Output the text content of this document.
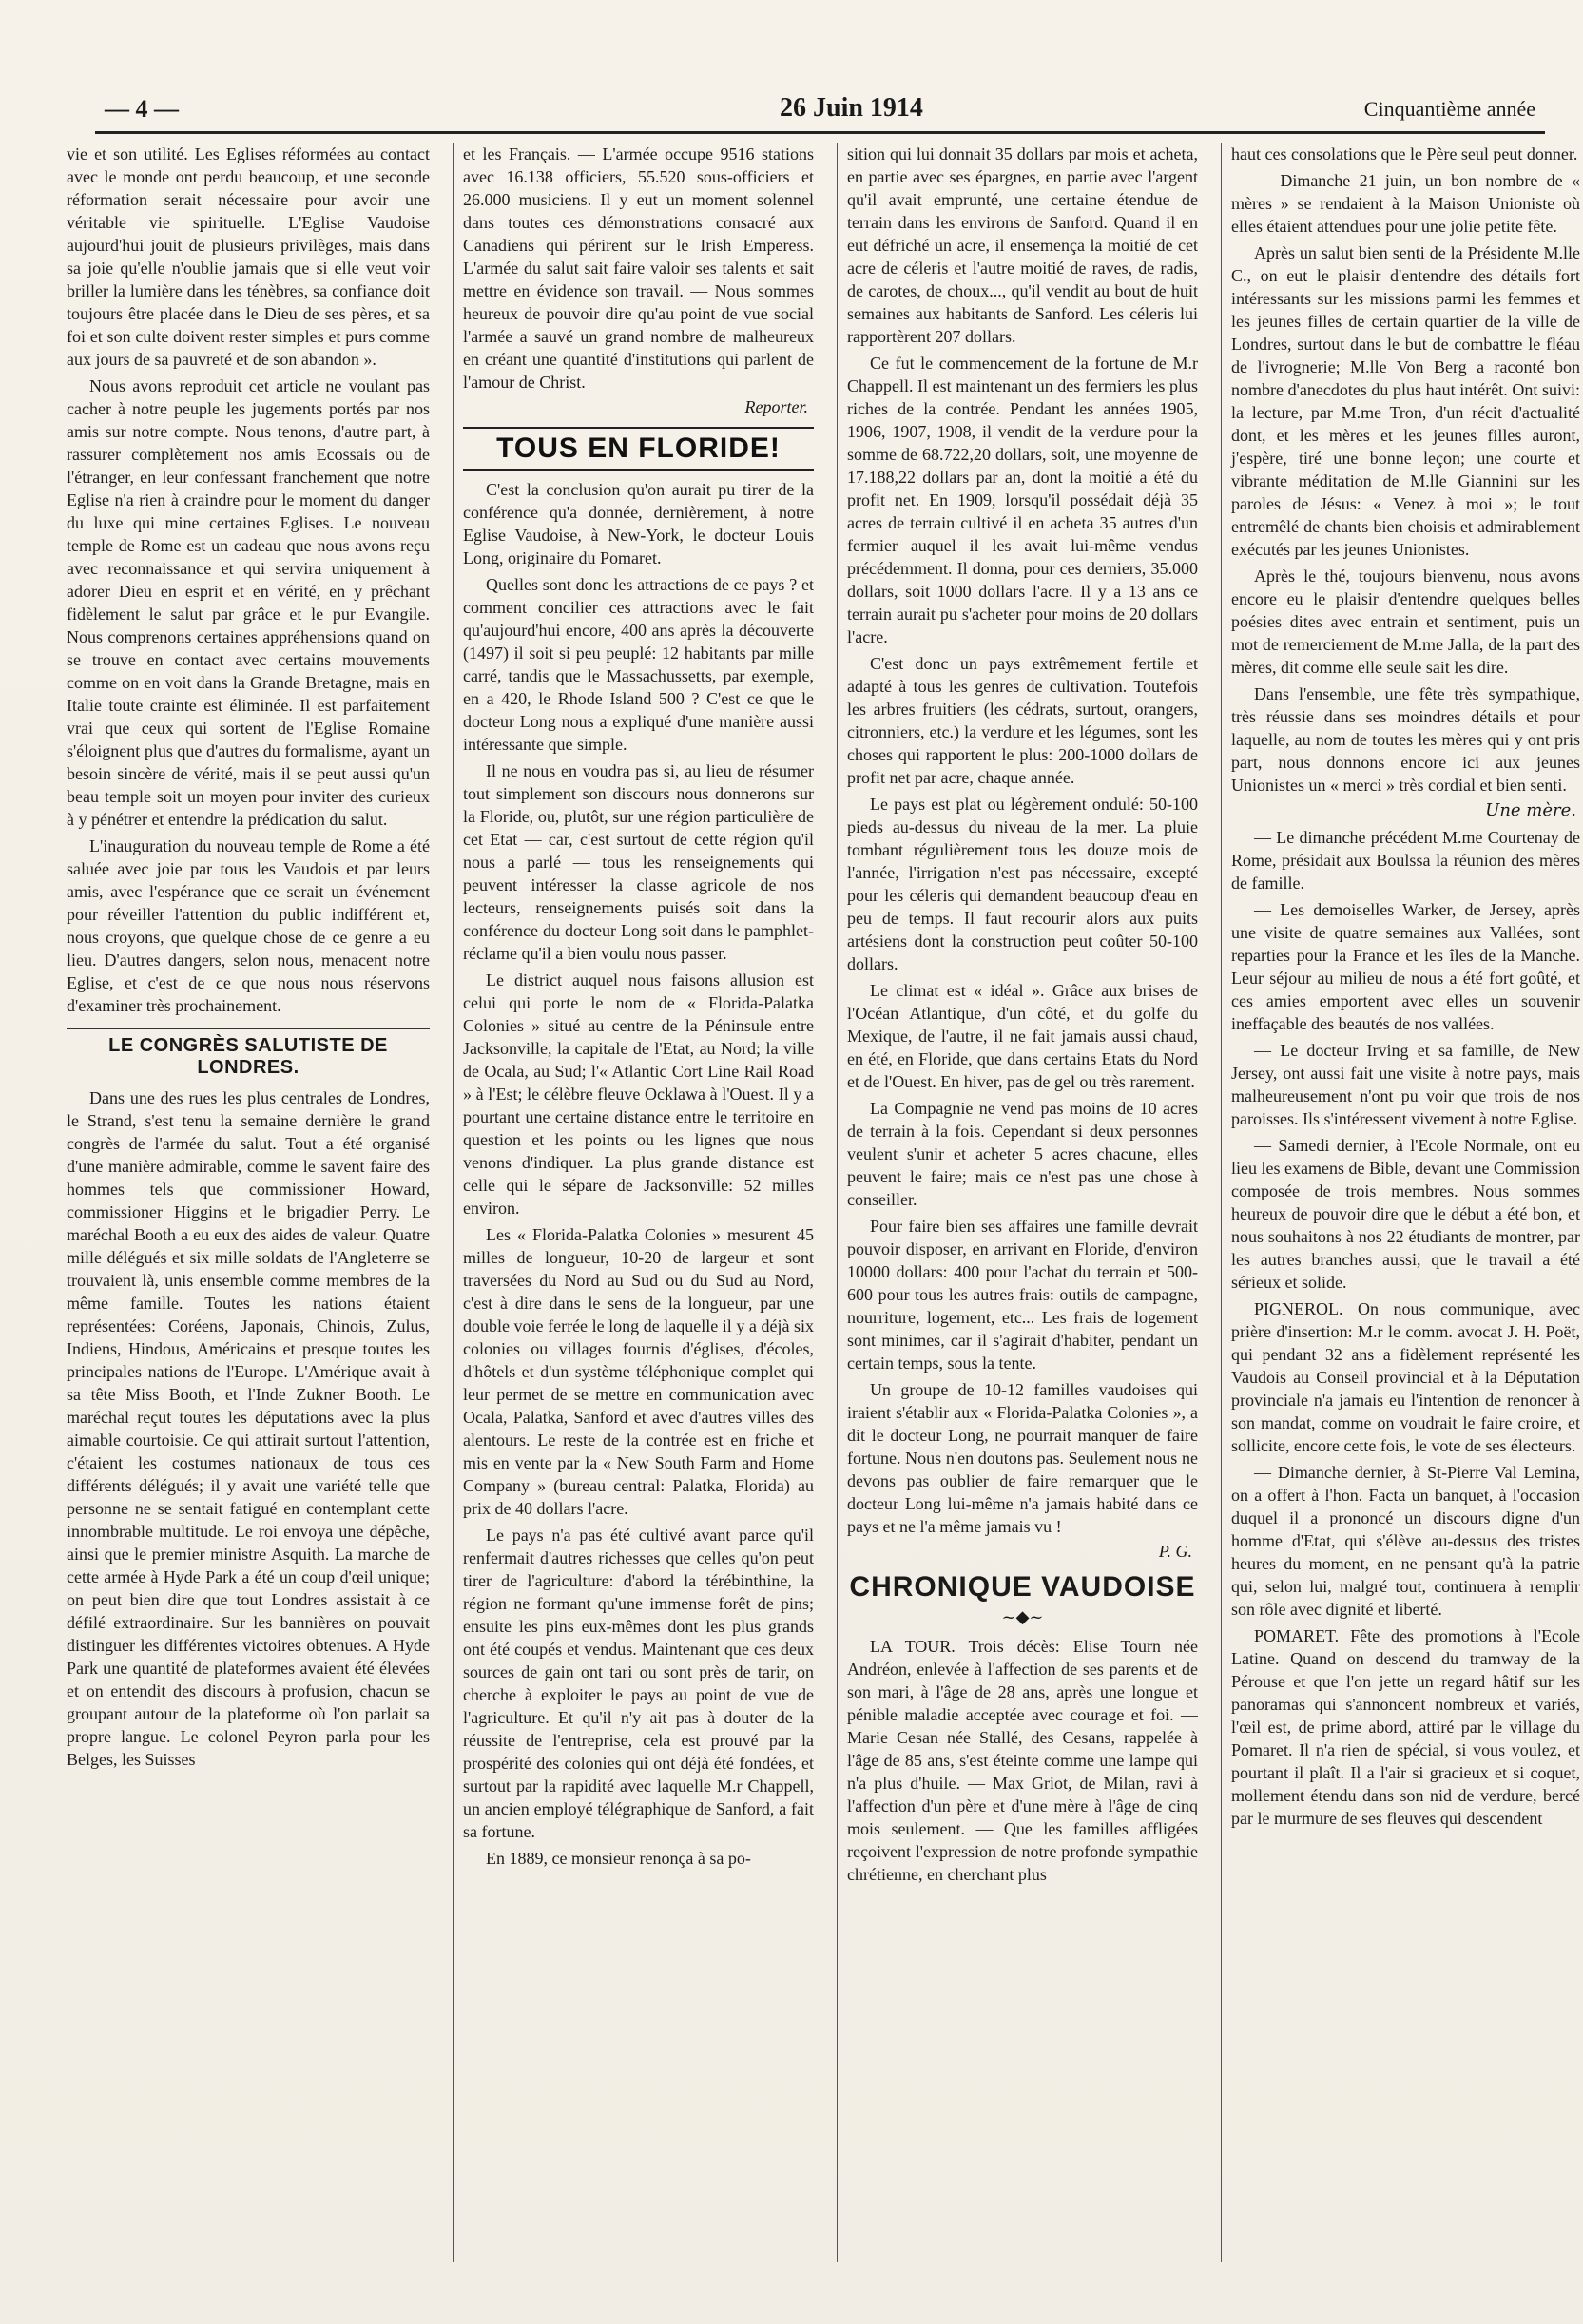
— 4 —	26 Juin 1914	Cinquantième année

vie et son utilité. Les Eglises réformées au contact avec le monde ont perdu beaucoup, et une seconde réformation serait nécessaire pour avoir une véritable vie spirituelle. L'Eglise Vaudoise aujourd'hui jouit de plusieurs privilèges, mais dans sa joie qu'elle n'oublie jamais que si elle veut voir briller la lumière dans les ténèbres, sa confiance doit toujours être placée dans le Dieu de ses pères, et sa foi et son culte doivent rester simples et purs comme aux jours de sa pauvreté et de son abandon ».

Nous avons reproduit cet article ne voulant pas cacher à notre peuple les jugements portés par nos amis sur notre compte. Nous tenons, d'autre part, à rassurer complètement nos amis Ecossais ou de l'étranger, en leur confessant franchement que notre Eglise n'a rien à craindre pour le moment du danger du luxe qui mine certaines Eglises. Le nouveau temple de Rome est un cadeau que nous avons reçu avec reconnaissance et qui servira uniquement à adorer Dieu en esprit et en vérité, en y prêchant fidèlement le salut par grâce et le pur Evangile. Nous comprenons certaines appréhensions quand on se trouve en contact avec certains mouvements comme on en voit dans la Grande Bretagne, mais en Italie toute crainte est éliminée. Il est parfaitement vrai que ceux qui sortent de l'Eglise Romaine s'éloignent plus que d'autres du formalisme, ayant un besoin sincère de vérité, mais il se peut aussi qu'un beau temple soit un moyen pour inviter des curieux à y pénétrer et entendre la prédication du salut.

L'inauguration du nouveau temple de Rome a été saluée avec joie par tous les Vaudois et par leurs amis, avec l'espérance que ce serait un événement pour réveiller l'attention du public indifférent et, nous croyons, que quelque chose de ce genre a eu lieu. D'autres dangers, selon nous, menacent notre Eglise, et c'est de ce que nous nous réservons d'examiner très prochainement.

LE CONGRÈS SALUTISTE DE LONDRES.

Dans une des rues les plus centrales de Londres, le Strand, s'est tenu la semaine dernière le grand congrès de l'armée du salut. Tout a été organisé d'une manière admirable, comme le savent faire des hommes tels que commissioner Howard, commissioner Higgins et le brigadier Perry. Le maréchal Booth a eu eux des aides de valeur. Quatre mille délégués et six mille soldats de l'Angleterre se trouvaient là, unis ensemble comme membres de la même famille. Toutes les nations étaient représentées: Coréens, Japonais, Chinois, Zulus, Indiens, Hindous, Américains et presque toutes les principales nations de l'Europe. L'Amérique avait à sa tête Miss Booth, et l'Inde Zukner Booth. Le maréchal reçut toutes les députations avec la plus aimable courtoisie. Ce qui attirait surtout l'attention, c'étaient les costumes nationaux de tous ces différents délégués; il y avait une variété telle que personne ne se sentait fatigué en contemplant cette innombrable multitude. Le roi envoya une dépêche, ainsi que le premier ministre Asquith. La marche de cette armée à Hyde Park a été un coup d'œil unique; on peut bien dire que tout Londres assistait à ce défilé extraordinaire. Sur les bannières on pouvait distinguer les différentes victoires obtenues. A Hyde Park une quantité de plateformes avaient été élevées et on entendit des discours à profusion, chacun se groupant autour de la plateforme où l'on parlait sa propre langue. Le colonel Peyron parla pour les Belges, les Suisses

et les Français. — L'armée occupe 9516 stations avec 16.138 officiers, 55.520 sous-officiers et 26.000 musiciens. Il y eut un moment solennel dans toutes ces démonstrations consacré aux Canadiens qui périrent sur le Irish Emperess. L'armée du salut sait faire valoir ses talents et sait mettre en évidence son travail. — Nous sommes heureux de pouvoir dire qu'au point de vue social l'armée a sauvé un grand nombre de malheureux en créant une quantité d'institutions qui parlent de l'amour de Christ.

Reporter.
TOUS EN FLORIDE!

C'est la conclusion qu'on aurait pu tirer de la conférence qu'a donnée, dernièrement, à notre Eglise Vaudoise, à New-York, le docteur Louis Long, originaire du Pomaret.

Quelles sont donc les attractions de ce pays ? et comment concilier ces attractions avec le fait qu'aujourd'hui encore, 400 ans après la découverte (1497) il soit si peu peuplé: 12 habitants par mille carré, tandis que le Massachussetts, par exemple, en a 420, le Rhode Island 500 ? C'est ce que le docteur Long nous a expliqué d'une manière aussi intéressante que simple.

Il ne nous en voudra pas si, au lieu de résumer tout simplement son discours nous donnerons sur la Floride, ou, plutôt, sur une région particulière de cet Etat — car, c'est surtout de cette région qu'il nous a parlé — tous les renseignements qui peuvent intéresser la classe agricole de nos lecteurs, renseignements puisés soit dans la conférence du docteur Long soit dans le pamphlet-réclame qu'il a bien voulu nous passer.

Le district auquel nous faisons allusion est celui qui porte le nom de « Florida-Palatka Colonies » situé au centre de la Péninsule entre Jacksonville, la capitale de l'Etat, au Nord; la ville de Ocala, au Sud; l'« Atlantic Cort Line Rail Road » à l'Est; le célèbre fleuve Ocklawa à l'Ouest. Il y a pourtant une certaine distance entre le territoire en question et les points ou les lignes que nous venons d'indiquer. La plus grande distance est celle qui le sépare de Jacksonville: 52 milles environ.

Les « Florida-Palatka Colonies » mesurent 45 milles de longueur, 10-20 de largeur et sont traversées du Nord au Sud ou du Sud au Nord, c'est à dire dans le sens de la longueur, par une double voie ferrée le long de laquelle il y a déjà six colonies ou villages fournis d'églises, d'écoles, d'hôtels et d'un système téléphonique complet qui leur permet de se mettre en communication avec Ocala, Palatka, Sanford et avec d'autres villes des alentours. Le reste de la contrée est en friche et mis en vente par la « New South Farm and Home Company » (bureau central: Palatka, Florida) au prix de 40 dollars l'acre.

Le pays n'a pas été cultivé avant parce qu'il renfermait d'autres richesses que celles qu'on peut tirer de l'agriculture: d'abord la térébinthine, la région ne formant qu'une immense forêt de pins; ensuite les pins eux-mêmes dont les plus grands ont été coupés et vendus. Maintenant que ces deux sources de gain ont tari ou sont près de tarir, on cherche à exploiter le pays au point de vue de l'agriculture. Et qu'il n'y ait pas à douter de la réussite de l'entreprise, cela est prouvé par la prospérité des colonies qui ont déjà été fondées, et surtout par la rapidité avec laquelle M.r Chappell, un ancien employé télégraphique de Sanford, a fait sa fortune.

En 1889, ce monsieur renonça à sa po-

sition qui lui donnait 35 dollars par mois et acheta, en partie avec ses épargnes, en partie avec l'argent qu'il avait emprunté, une certaine étendue de terrain dans les environs de Sanford. Quand il en eut défriché un acre, il ensemença la moitié de cet acre de céleris et l'autre moitié de raves, de radis, de carotes, de choux..., qu'il vendit au bout de huit semaines aux habitants de Sanford. Les céleris lui rapportèrent 207 dollars.

Ce fut le commencement de la fortune de M.r Chappell. Il est maintenant un des fermiers les plus riches de la contrée. Pendant les années 1905, 1906, 1907, 1908, il vendit de la verdure pour la somme de 68.722,20 dollars, soit, une moyenne de 17.188,22 dollars par an, dont la moitié a été du profit net. En 1909, lorsqu'il possédait déjà 35 acres de terrain cultivé il en acheta 35 autres d'un fermier auquel il les avait lui-même vendus précédemment. Il donna, pour ces derniers, 35.000 dollars, soit 1000 dollars l'acre. Il y a 13 ans ce terrain aurait pu s'acheter pour moins de 20 dollars l'acre.

C'est donc un pays extrêmement fertile et adapté à tous les genres de cultivation. Toutefois les arbres fruitiers (les cédrats, surtout, orangers, citronniers, etc.) la verdure et les légumes, sont les choses qui rapportent le plus: 200-1000 dollars de profit net par acre, chaque année.

Le pays est plat ou légèrement ondulé: 50-100 pieds au-dessus du niveau de la mer. La pluie tombant régulièrement tous les douze mois de l'année, l'irrigation n'est pas nécessaire, excepté pour les céleris qui demandent beaucoup d'eau en peu de temps. Il faut recourir alors aux puits artésiens dont la construction peut coûter 50-100 dollars.

Le climat est « idéal ». Grâce aux brises de l'Océan Atlantique, d'un côté, et du golfe du Mexique, de l'autre, il ne fait jamais aussi chaud, en été, en Floride, que dans certains Etats du Nord et de l'Ouest. En hiver, pas de gel ou très rarement.

La Compagnie ne vend pas moins de 10 acres de terrain à la fois. Cependant si deux personnes veulent s'unir et acheter 5 acres chacune, elles peuvent le faire; mais ce n'est pas une chose à conseiller.

Pour faire bien ses affaires une famille devrait pouvoir disposer, en arrivant en Floride, d'environ 10000 dollars: 400 pour l'achat du terrain et 500-600 pour tous les autres frais: outils de campagne, nourriture, logement, etc... Les frais de logement sont minimes, car il s'agirait d'habiter, pendant un certain temps, sous la tente.

Un groupe de 10-12 familles vaudoises qui iraient s'établir aux « Florida-Palatka Colonies », a dit le docteur Long, ne pourrait manquer de faire fortune. Nous n'en doutons pas. Seulement nous ne devons pas oublier de faire remarquer que le docteur Long lui-même n'a jamais habité dans ce pays et ne l'a même jamais vu !

P. G.
CHRONIQUE VAUDOISE
~◆~

LA TOUR. Trois décès: Elise Tourn née Andréon, enlevée à l'affection de ses parents et de son mari, à l'âge de 28 ans, après une longue et pénible maladie acceptée avec courage et foi. — Marie Cesan née Stallé, des Cesans, rappelée à l'âge de 85 ans, s'est éteinte comme une lampe qui n'a plus d'huile. — Max Griot, de Milan, ravi à l'affection d'un père et d'une mère à l'âge de cinq mois seulement. — Que les familles affligées reçoivent l'expression de notre profonde sympathie chrétienne, en cherchant plus

haut ces consolations que le Père seul peut donner.

— Dimanche 21 juin, un bon nombre de « mères » se rendaient à la Maison Unioniste où elles étaient attendues pour une jolie petite fête.

Après un salut bien senti de la Présidente M.lle C., on eut le plaisir d'entendre des détails fort intéressants sur les missions parmi les femmes et les jeunes filles de certain quartier de la ville de Londres, surtout dans le but de combattre le fléau de l'ivrognerie; M.lle Von Berg a raconté bon nombre d'anecdotes du plus haut intérêt. Ont suivi: la lecture, par M.me Tron, d'un récit d'actualité dont, et les mères et les jeunes filles auront, j'espère, tiré une bonne leçon; une courte et vibrante méditation de M.lle Giannini sur les paroles de Jésus: « Venez à moi »; le tout entremêlé de chants bien choisis et admirablement exécutés par les jeunes Unionistes.

Après le thé, toujours bienvenu, nous avons encore eu le plaisir d'entendre quelques belles poésies dites avec entrain et sentiment, puis un mot de remerciement de M.me Jalla, de la part des mères, dit comme elle seule sait les dire.

Dans l'ensemble, une fête très sympathique, très réussie dans ses moindres détails et pour laquelle, au nom de toutes les mères qui y ont pris part, nous donnons encore ici aux jeunes Unionistes un « merci » très cordial et bien senti.

Une mère.

— Le dimanche précédent M.me Courtenay de Rome, présidait aux Boulssa la réunion des mères de famille.

— Les demoiselles Warker, de Jersey, après une visite de quatre semaines aux Vallées, sont reparties pour la France et les îles de la Manche. Leur séjour au milieu de nous a été fort goûté, et ces amies emportent avec elles un souvenir ineffaçable des beautés de nos vallées.

— Le docteur Irving et sa famille, de New Jersey, ont aussi fait une visite à notre pays, mais malheureusement n'ont pu voir que trois de nos paroisses. Ils s'intéressent vivement à notre Eglise.

— Samedi dernier, à l'Ecole Normale, ont eu lieu les examens de Bible, devant une Commission composée de trois membres. Nous sommes heureux de pouvoir dire que le début a été bon, et nous souhaitons à nos 22 étudiants de montrer, par les autres branches aussi, que le travail a été sérieux et solide.

PIGNEROL. On nous communique, avec prière d'insertion: M.r le comm. avocat J. H. Poët, qui pendant 32 ans a fidèlement représenté les Vaudois au Conseil provincial et à la Députation provinciale n'a jamais eu l'intention de renoncer à son mandat, comme on voudrait le faire croire, et sollicite, encore cette fois, le vote de ses électeurs.

— Dimanche dernier, à St-Pierre Val Lemina, on a offert à l'hon. Facta un banquet, à l'occasion duquel il a prononcé un discours digne d'un homme d'Etat, qui s'élève au-dessus des tristes heures du moment, en ne pensant qu'à la patrie qui, selon lui, malgré tout, continuera à remplir son rôle avec dignité et liberté.

POMARET. Fête des promotions à l'Ecole Latine. Quand on descend du tramway de la Pérouse et que l'on jette un regard hâtif sur les panoramas qui s'annoncent nombreux et variés, l'œil est, de prime abord, attiré par le village du Pomaret. Il n'a rien de spécial, si vous voulez, et pourtant il plaît. Il a l'air si gracieux et si coquet, mollement étendu dans son nid de verdure, bercé par le murmure de ses fleuves qui descendent
